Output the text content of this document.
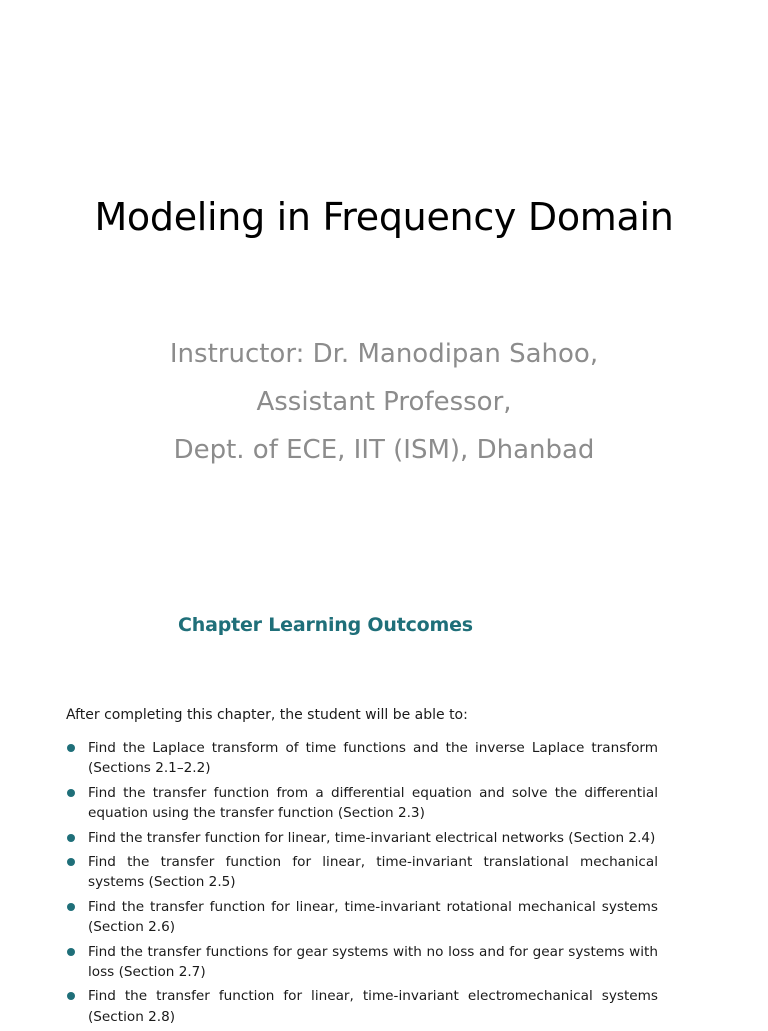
Modeling in Frequency Domain
Instructor: Dr. Manodipan Sahoo,
Assistant Professor,
Dept. of ECE, IIT (ISM), Dhanbad
Chapter Learning Outcomes
After completing this chapter, the student will be able to:
Find the Laplace transform of time functions and the inverse Laplace transform (Sections 2.1–2.2)
Find the transfer function from a differential equation and solve the differential equation using the transfer function (Section 2.3)
Find the transfer function for linear, time-invariant electrical networks (Section 2.4)
Find the transfer function for linear, time-invariant translational mechanical systems (Section 2.5)
Find the transfer function for linear, time-invariant rotational mechanical systems (Section 2.6)
Find the transfer functions for gear systems with no loss and for gear systems with loss (Section 2.7)
Find the transfer function for linear, time-invariant electromechanical systems (Section 2.8)
